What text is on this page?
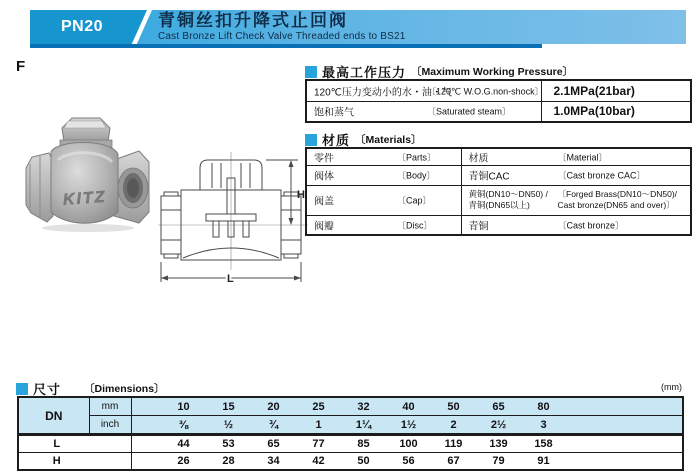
PN20	青铜丝扣升降式止回阀
Cast Bronze Lift Check Valve Threaded ends to BS21
F
KITZ	H
L
最高工作压力 〔Maximum Working Pressure〕
120℃压力变动小的水・油・气
〔120℃ W.O.G.non-shock〕	2.1MPa(21bar)

饱和蒸气 〔Saturated steam〕	1.0MPa(10bar)
材质 〔Materials〕
零件 〔Parts〕	材质 〔Material〕

阀体 〔Body〕	青铜CAC 〔Cast bronze CAC〕

阀盖 〔Cap〕	黄铜(DN10～DN50) /
青铜(DN65以上)
〔Forged Brass(DN10～DN50)/
Cast bronze(DN65 and over)〕

阀瓣 〔Disc〕	青铜 〔Cast bronze〕
尺寸 〔Dimensions〕	(mm)
DN	mm		10	15	20	25	32	40	50	65	80	
	inch		⅜	½	¾	1	1¼	1½	2	2½	3	
L			44	53	65	77	85	100	119	139	158	
H			26	28	34	42	50	56	67	79	91	
